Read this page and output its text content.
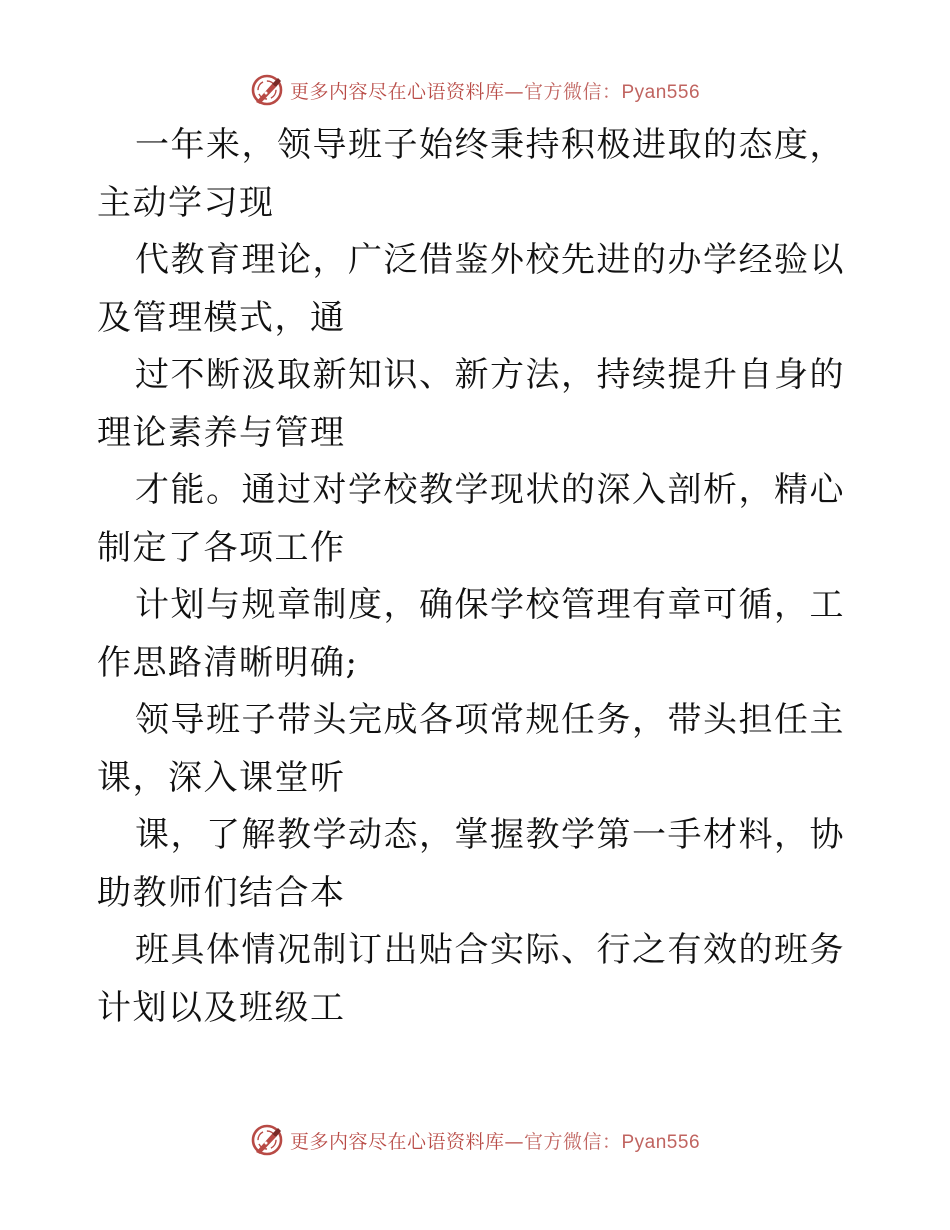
更多内容尽在心语资料库—官方微信：Pyan556

一年来，领导班子始终秉持积极进取的态度，主动学习现

代教育理论，广泛借鉴外校先进的办学经验以及管理模式，通

过不断汲取新知识、新方法，持续提升自身的理论素养与管理

才能。通过对学校教学现状的深入剖析，精心制定了各项工作

计划与规章制度，确保学校管理有章可循，工作思路清晰明确;

领导班子带头完成各项常规任务，带头担任主课，深入课堂听

课，了解教学动态，掌握教学第一手材料，协助教师们结合本

班具体情况制订出贴合实际、行之有效的班务计划以及班级工

更多内容尽在心语资料库—官方微信：Pyan556
